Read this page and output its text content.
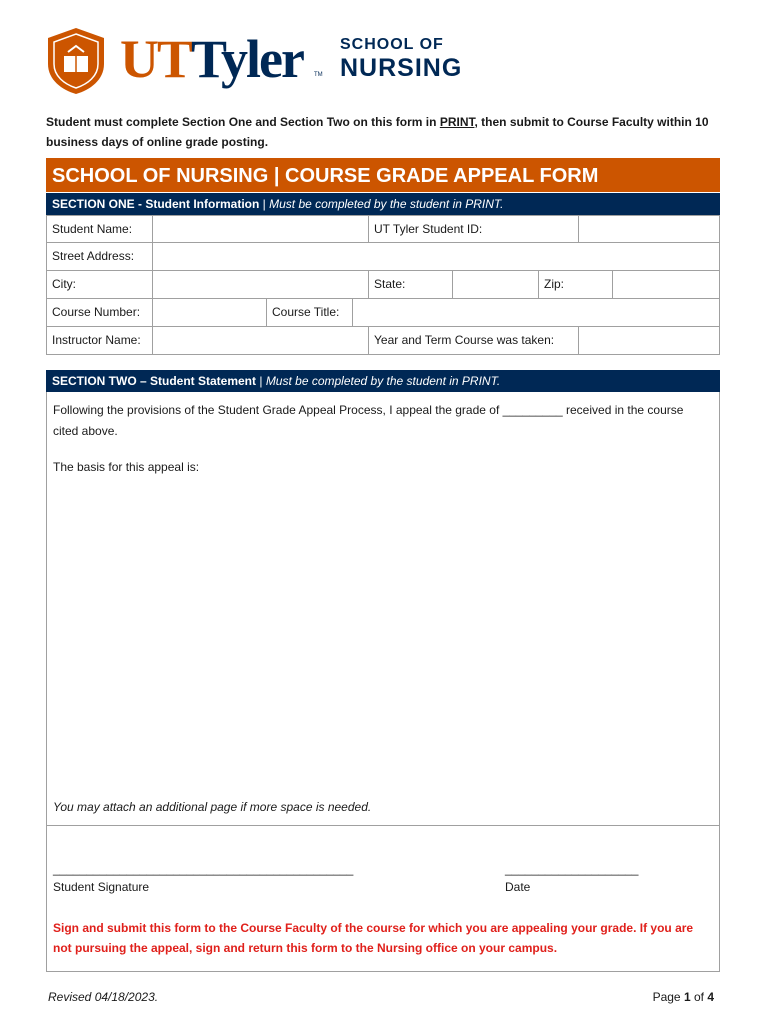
UTTyler TM
SCHOOL OF
NURSING
Student must complete Section One and Section Two on this form in PRINT, then submit to Course Faculty within 10 business days of online grade posting.
SCHOOL OF NURSING | COURSE GRADE APPEAL FORM
SECTION ONE - Student Information | Must be completed by the student in PRINT.
Student Name:	UT Tyler Student ID:
Street Address:
City:	State:	Zip:
Course Number:	Course Title:
Instructor Name:	Year and Term Course was taken:
SECTION TWO – Student Statement | Must be completed by the student in PRINT.
Following the provisions of the Student Grade Appeal Process, I appeal the grade of _________ received in the course cited above.
The basis for this appeal is:
You may attach an additional page if more space is needed.
_____________________________________________	____________________
Student Signature	Date
Sign and submit this form to the Course Faculty of the course for which you are appealing your grade. If you are not pursuing the appeal, sign and return this form to the Nursing office on your campus.
Revised 04/18/2023.	Page 1 of 4
